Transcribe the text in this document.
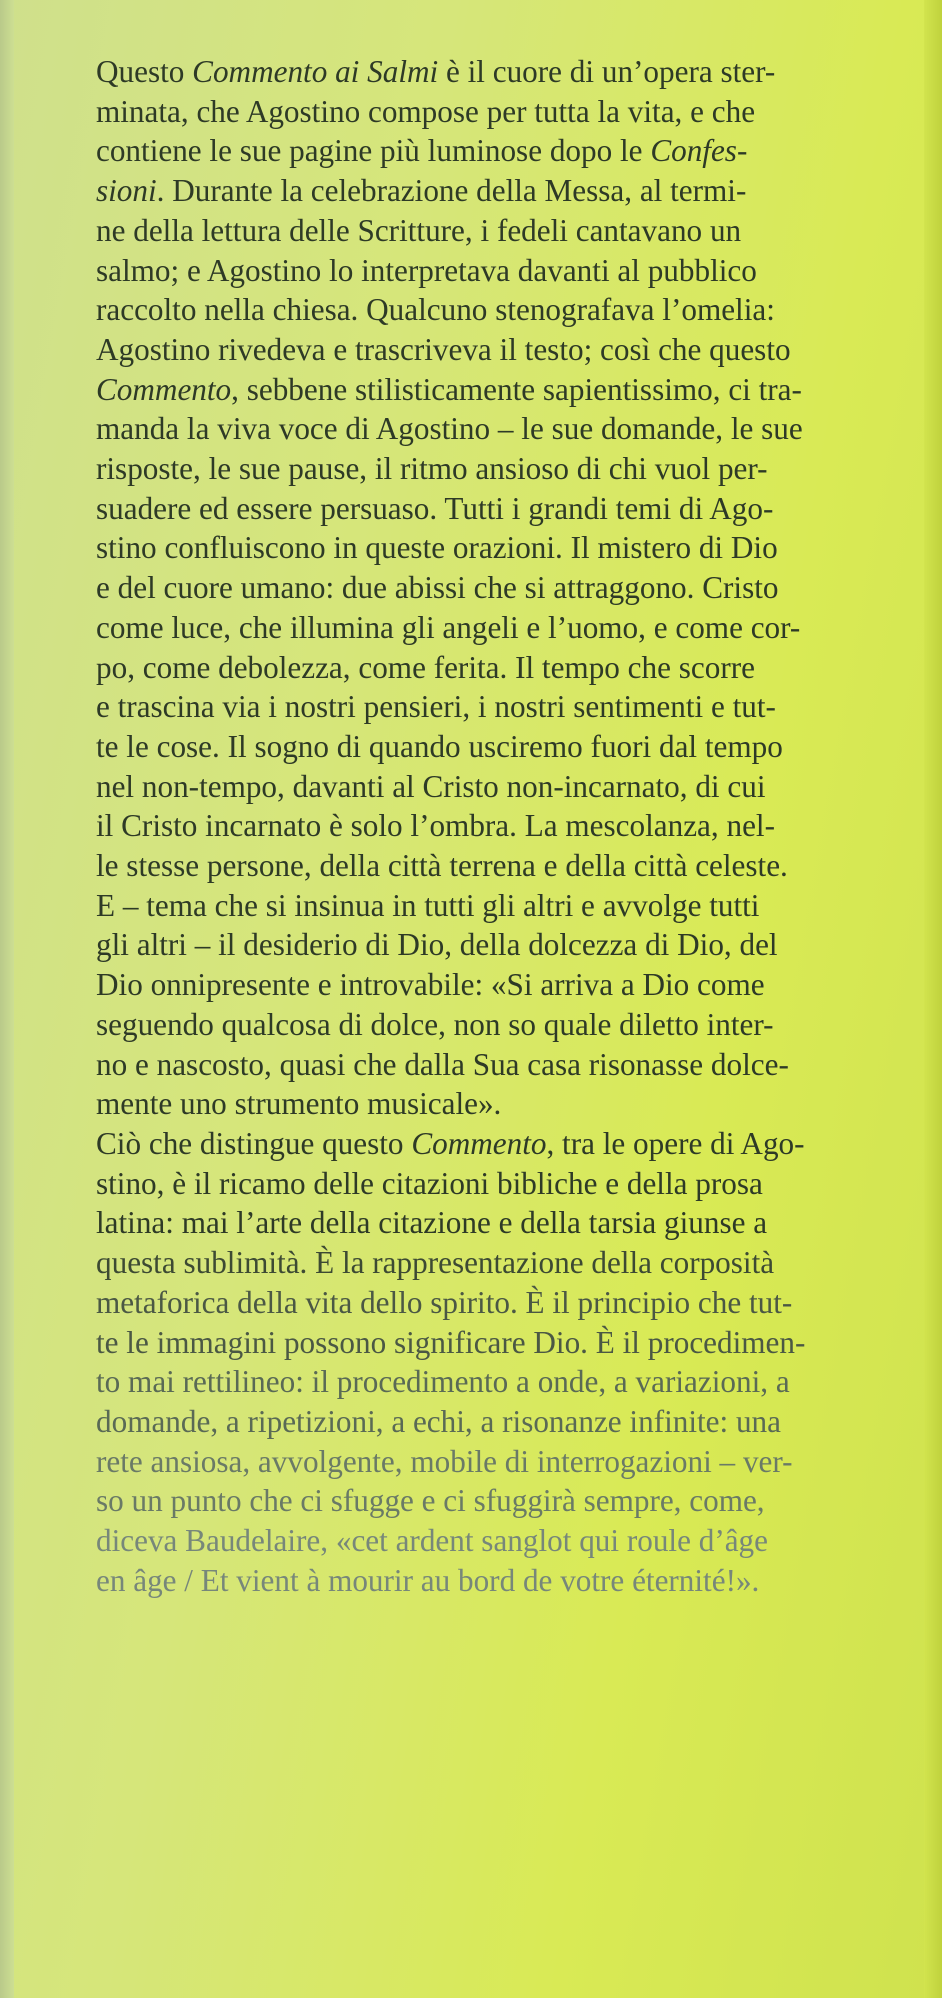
Questo Commento ai Salmi è il cuore di un’opera ster-
minata, che Agostino compose per tutta la vita, e che
contiene le sue pagine più luminose dopo le Confes-
sioni. Durante la celebrazione della Messa, al termi-
ne della lettura delle Scritture, i fedeli cantavano un
salmo; e Agostino lo interpretava davanti al pubblico
raccolto nella chiesa. Qualcuno stenografava l’omelia:
Agostino rivedeva e trascriveva il testo; così che questo
Commento, sebbene stilisticamente sapientissimo, ci tra-
manda la viva voce di Agostino – le sue domande, le sue
risposte, le sue pause, il ritmo ansioso di chi vuol per-
suadere ed essere persuaso. Tutti i grandi temi di Ago-
stino confluiscono in queste orazioni. Il mistero di Dio
e del cuore umano: due abissi che si attraggono. Cristo
come luce, che illumina gli angeli e l’uomo, e come cor-
po, come debolezza, come ferita. Il tempo che scorre
e trascina via i nostri pensieri, i nostri sentimenti e tut-
te le cose. Il sogno di quando usciremo fuori dal tempo
nel non-tempo, davanti al Cristo non-incarnato, di cui
il Cristo incarnato è solo l’ombra. La mescolanza, nel-
le stesse persone, della città terrena e della città celeste.
E – tema che si insinua in tutti gli altri e avvolge tutti
gli altri – il desiderio di Dio, della dolcezza di Dio, del
Dio onnipresente e introvabile: «Si arriva a Dio come
seguendo qualcosa di dolce, non so quale diletto inter-
no e nascosto, quasi che dalla Sua casa risonasse dolce-
mente uno strumento musicale».
Ciò che distingue questo Commento, tra le opere di Ago-
stino, è il ricamo delle citazioni bibliche e della prosa
latina: mai l’arte della citazione e della tarsia giunse a
questa sublimità. È la rappresentazione della corposità
metaforica della vita dello spirito. È il principio che tut-
te le immagini possono significare Dio. È il procedimen-
to mai rettilineo: il procedimento a onde, a variazioni, a
domande, a ripetizioni, a echi, a risonanze infinite: una
rete ansiosa, avvolgente, mobile di interrogazioni – ver-
so un punto che ci sfugge e ci sfuggirà sempre, come,
diceva Baudelaire, «cet ardent sanglot qui roule d’âge
en âge / Et vient à mourir au bord de votre éternité!».
